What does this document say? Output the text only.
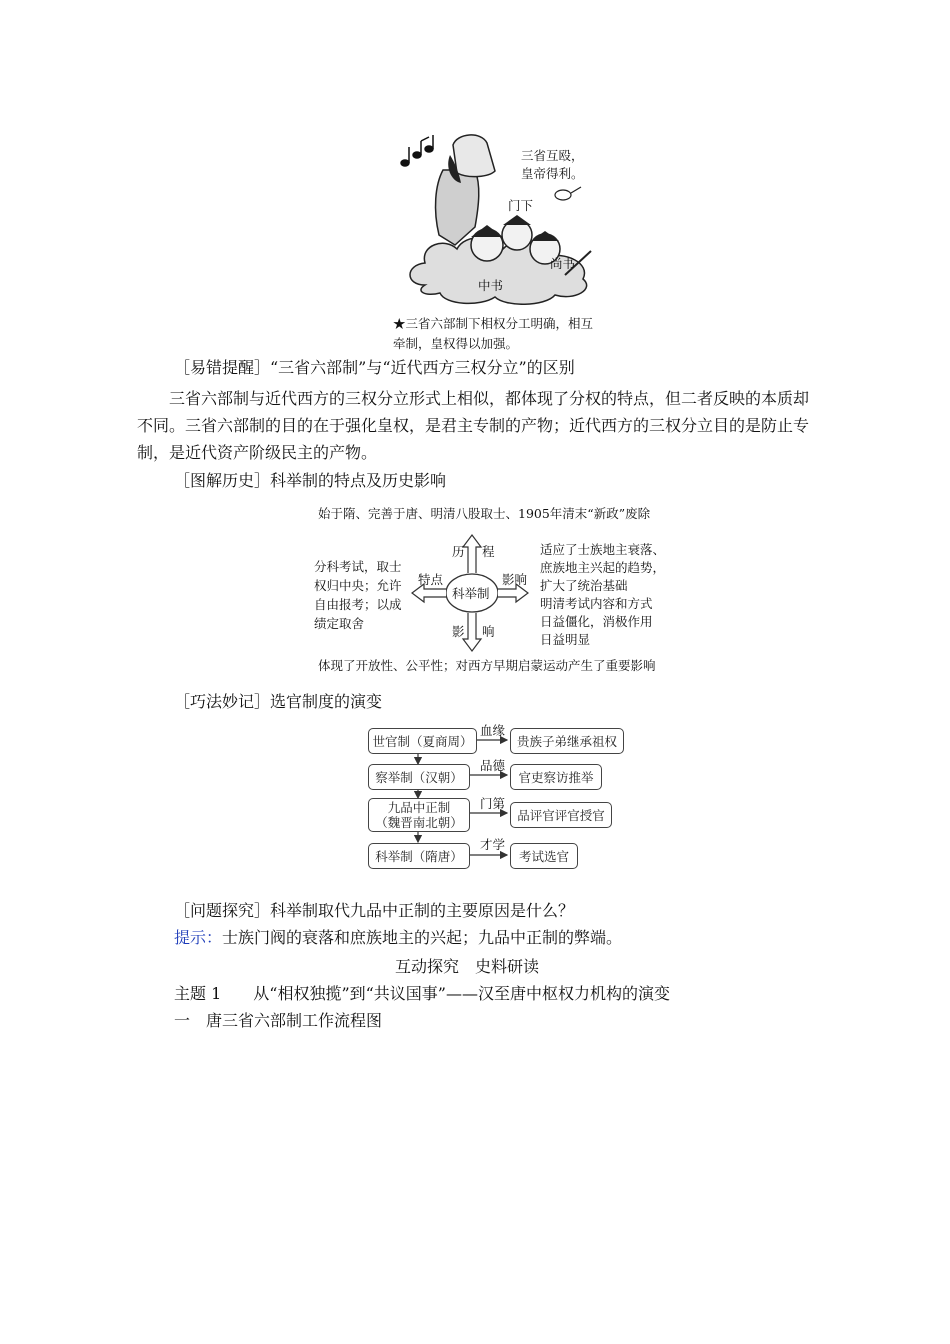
三省互殴，
皇帝得利。
门下
中书
尚书
★三省六部制下相权分工明确，相互
牵制，皇权得以加强。
［易错提醒］“三省六部制”与“近代西方三权分立”的区别
三省六部制与近代西方的三权分立形式上相似，都体现了分权的特点，但二者反映的本质却不同。三省六部制的目的在于强化皇权，是君主专制的产物；近代西方的三权分立目的是防止专制，是近代资产阶级民主的产物。
［图解历史］科举制的特点及历史影响
始于隋、完善于唐、明清八股取士、1905年清末“新政”废除
科举制
历 程
特点	影响
影 响
分科考试，取士
权归中央；允许
自由报考；以成
绩定取舍
适应了士族地主衰落、
庶族地主兴起的趋势，
扩大了统治基础
明清考试内容和方式
日益僵化，消极作用
日益明显
体现了开放性、公平性；对西方早期启蒙运动产生了重要影响
［巧法妙记］选官制度的演变
世官制（夏商周）
血缘
贵族子弟继承祖权
察举制（汉朝）
品德
官吏察访推举
九品中正制
（魏晋南北朝）
门第
品评官评官授官
科举制（隋唐）
才学
考试选官
［问题探究］科举制取代九品中正制的主要原因是什么？
提示：士族门阀的衰落和庶族地主的兴起；九品中正制的弊端。
互动探究　史料研读
主题 1　　从“相权独揽”到“共议国事”——汉至唐中枢权力机构的演变
一　唐三省六部制工作流程图
